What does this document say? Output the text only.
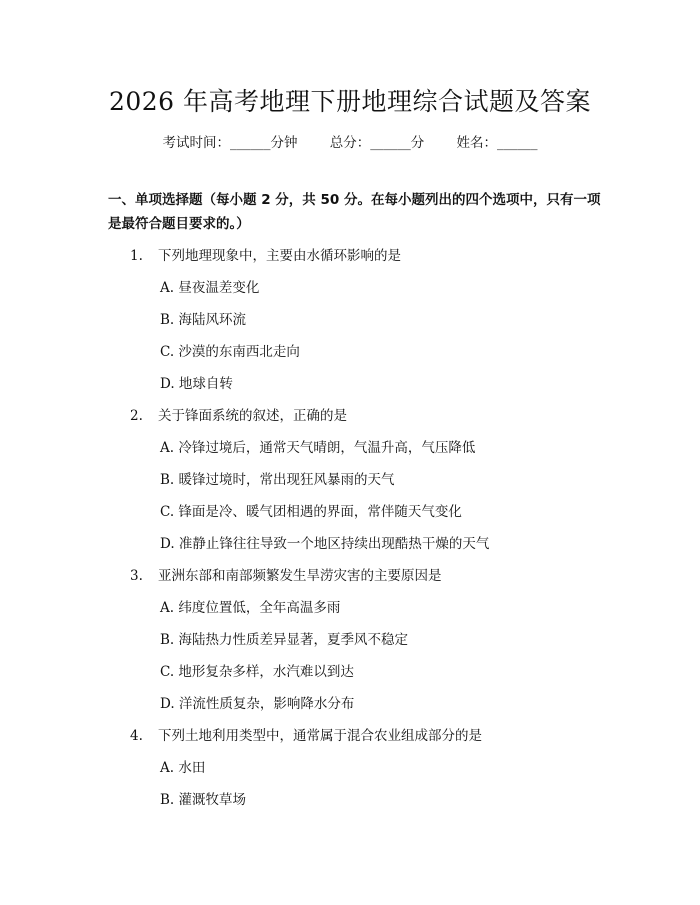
2026 年高考地理下册地理综合试题及答案
考试时间：______分钟 总分：______分 姓名：______
一、单项选择题（每小题 2 分，共 50 分。在每小题列出的四个选项中，只有一项
是最符合题目要求的。）
1. 下列地理现象中，主要由水循环影响的是
A. 昼夜温差变化
B. 海陆风环流
C. 沙漠的东南西北走向
D. 地球自转
2. 关于锋面系统的叙述，正确的是
A. 冷锋过境后，通常天气晴朗，气温升高，气压降低
B. 暖锋过境时，常出现狂风暴雨的天气
C. 锋面是冷、暖气团相遇的界面，常伴随天气变化
D. 准静止锋往往导致一个地区持续出现酷热干燥的天气
3. 亚洲东部和南部频繁发生旱涝灾害的主要原因是
A. 纬度位置低，全年高温多雨
B. 海陆热力性质差异显著，夏季风不稳定
C. 地形复杂多样，水汽难以到达
D. 洋流性质复杂，影响降水分布
4. 下列土地利用类型中，通常属于混合农业组成部分的是
A. 水田
B. 灌溉牧草场
